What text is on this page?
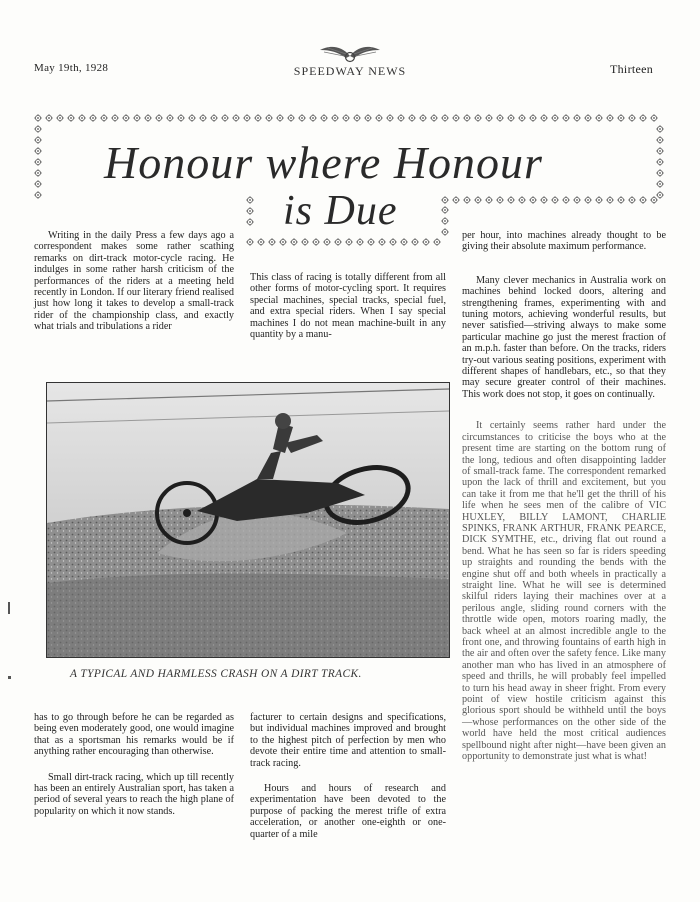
May 19th, 1928	SPEEDWAY NEWS	Thirteen
Honour where Honour
is Due

Writing in the daily Press a few days ago a correspondent makes some rather scathing remarks on dirt-track motor-cycle racing. He indulges in some rather harsh criticism of the performances of the riders at a meeting held recently in London. If our literary friend realised just how long it takes to develop a small-track rider of the championship class, and exactly what trials and tribulations a rider

This class of racing is totally different from all other forms of motor-cycling sport. It requires special machines, special tracks, special fuel, and extra special riders. When I say special machines I do not mean machine-built in any quantity by a manu-

per hour, into machines already thought to be giving their absolute maximum performance.

Many clever mechanics in Australia work on machines behind locked doors, altering and strengthening frames, experimenting with and tuning motors, achieving wonderful results, but never satisfied—striving always to make some particular machine go just the merest fraction of an m.p.h. faster than before. On the tracks, riders try-out various seating positions, experiment with different shapes of handlebars, etc., so that they may secure greater control of their machines. This work does not stop, it goes on continually.

It certainly seems rather hard under the circumstances to criticise the boys who at the present time are starting on the bottom rung of the long, tedious and often disappointing ladder of small-track fame. The correspondent remarked upon the lack of thrill and excitement, but you can take it from me that he'll get the thrill of his life when he sees men of the calibre of VIC HUXLEY, BILLY LAMONT, CHARLIE SPINKS, FRANK ARTHUR, FRANK PEARCE, DICK SYMTHE, etc., driving flat out round a bend. What he has seen so far is riders speeding up straights and rounding the bends with the engine shut off and both wheels in practically a straight line. What he will see is determined skilful riders laying their machines over at a perilous angle, sliding round corners with the throttle wide open, motors roaring madly, the back wheel at an almost incredible angle to the front one, and throwing fountains of earth high in the air and often over the safety fence. Like many another man who has lived in an atmosphere of speed and thrills, he will probably feel impelled to turn his head away in sheer fright. From every point of view hostile criticism against this glorious sport should be withheld until the boys—whose performances on the other side of the world have held the most critical audiences spellbound night after night—have been given an opportunity to demonstrate just what is what!

A TYPICAL AND HARMLESS CRASH ON A DIRT TRACK.

has to go through before he can be regarded as being even moderately good, one would imagine that as a sportsman his remarks would be if anything rather encouraging than otherwise.

Small dirt-track racing, which up till recently has been an entirely Australian sport, has taken a period of several years to reach the high plane of popularity on which it now stands.

facturer to certain designs and specifications, but individual machines improved and brought to the highest pitch of perfection by men who devote their entire time and attention to small-track racing.

Hours and hours of research and experimentation have been devoted to the purpose of packing the merest trifle of extra acceleration, or another one-eighth or one-quarter of a mile
